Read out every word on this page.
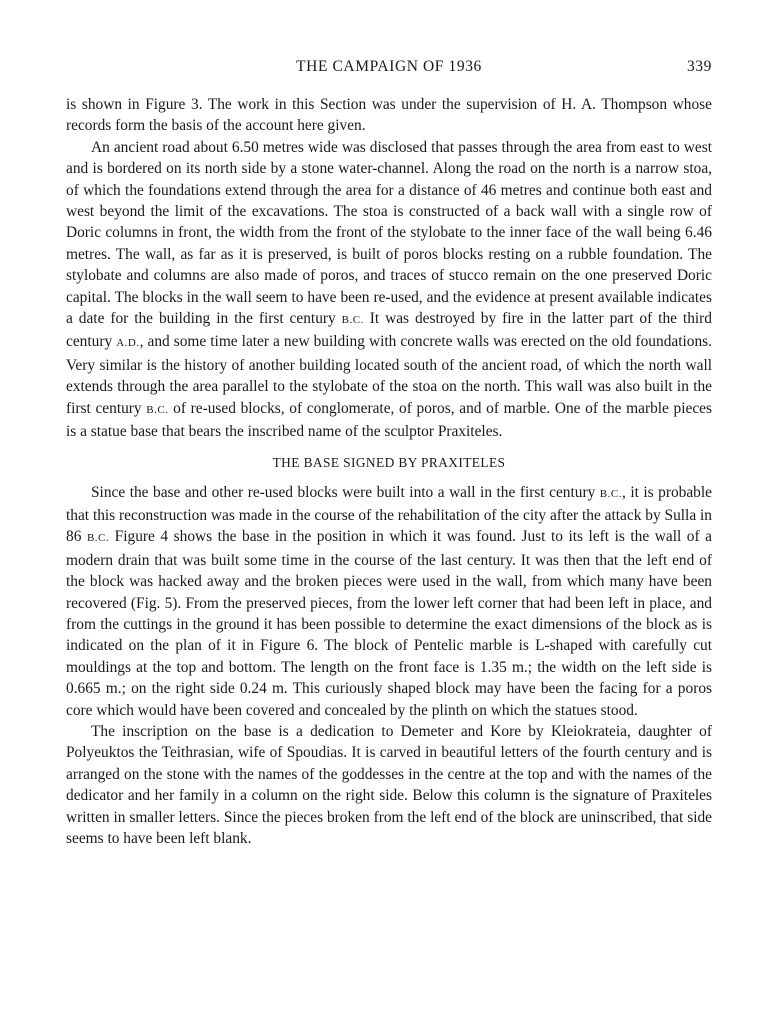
THE CAMPAIGN OF 1936	339

is shown in Figure 3. The work in this Section was under the supervision of H. A. Thompson whose records form the basis of the account here given.

An ancient road about 6.50 metres wide was disclosed that passes through the area from east to west and is bordered on its north side by a stone water-channel. Along the road on the north is a narrow stoa, of which the foundations extend through the area for a distance of 46 metres and continue both east and west beyond the limit of the excavations. The stoa is constructed of a back wall with a single row of Doric columns in front, the width from the front of the stylobate to the inner face of the wall being 6.46 metres. The wall, as far as it is preserved, is built of poros blocks resting on a rubble foundation. The stylobate and columns are also made of poros, and traces of stucco remain on the one preserved Doric capital. The blocks in the wall seem to have been re-used, and the evidence at present available indicates a date for the building in the first century B.C. It was destroyed by fire in the latter part of the third century A.D., and some time later a new building with concrete walls was erected on the old foundations. Very similar is the history of another building located south of the ancient road, of which the north wall extends through the area parallel to the stylobate of the stoa on the north. This wall was also built in the first century B.C. of re-used blocks, of conglomerate, of poros, and of marble. One of the marble pieces is a statue base that bears the inscribed name of the sculptor Praxiteles.

THE BASE SIGNED BY PRAXITELES

Since the base and other re-used blocks were built into a wall in the first century B.C., it is probable that this reconstruction was made in the course of the rehabilitation of the city after the attack by Sulla in 86 B.C. Figure 4 shows the base in the position in which it was found. Just to its left is the wall of a modern drain that was built some time in the course of the last century. It was then that the left end of the block was hacked away and the broken pieces were used in the wall, from which many have been recovered (Fig. 5). From the preserved pieces, from the lower left corner that had been left in place, and from the cuttings in the ground it has been possible to determine the exact dimensions of the block as is indicated on the plan of it in Figure 6. The block of Pentelic marble is L-shaped with carefully cut mouldings at the top and bottom. The length on the front face is 1.35 m.; the width on the left side is 0.665 m.; on the right side 0.24 m. This curiously shaped block may have been the facing for a poros core which would have been covered and concealed by the plinth on which the statues stood.

The inscription on the base is a dedication to Demeter and Kore by Kleiokrateia, daughter of Polyeuktos the Teithrasian, wife of Spoudias. It is carved in beautiful letters of the fourth century and is arranged on the stone with the names of the goddesses in the centre at the top and with the names of the dedicator and her family in a column on the right side. Below this column is the signature of Praxiteles written in smaller letters. Since the pieces broken from the left end of the block are uninscribed, that side seems to have been left blank.
